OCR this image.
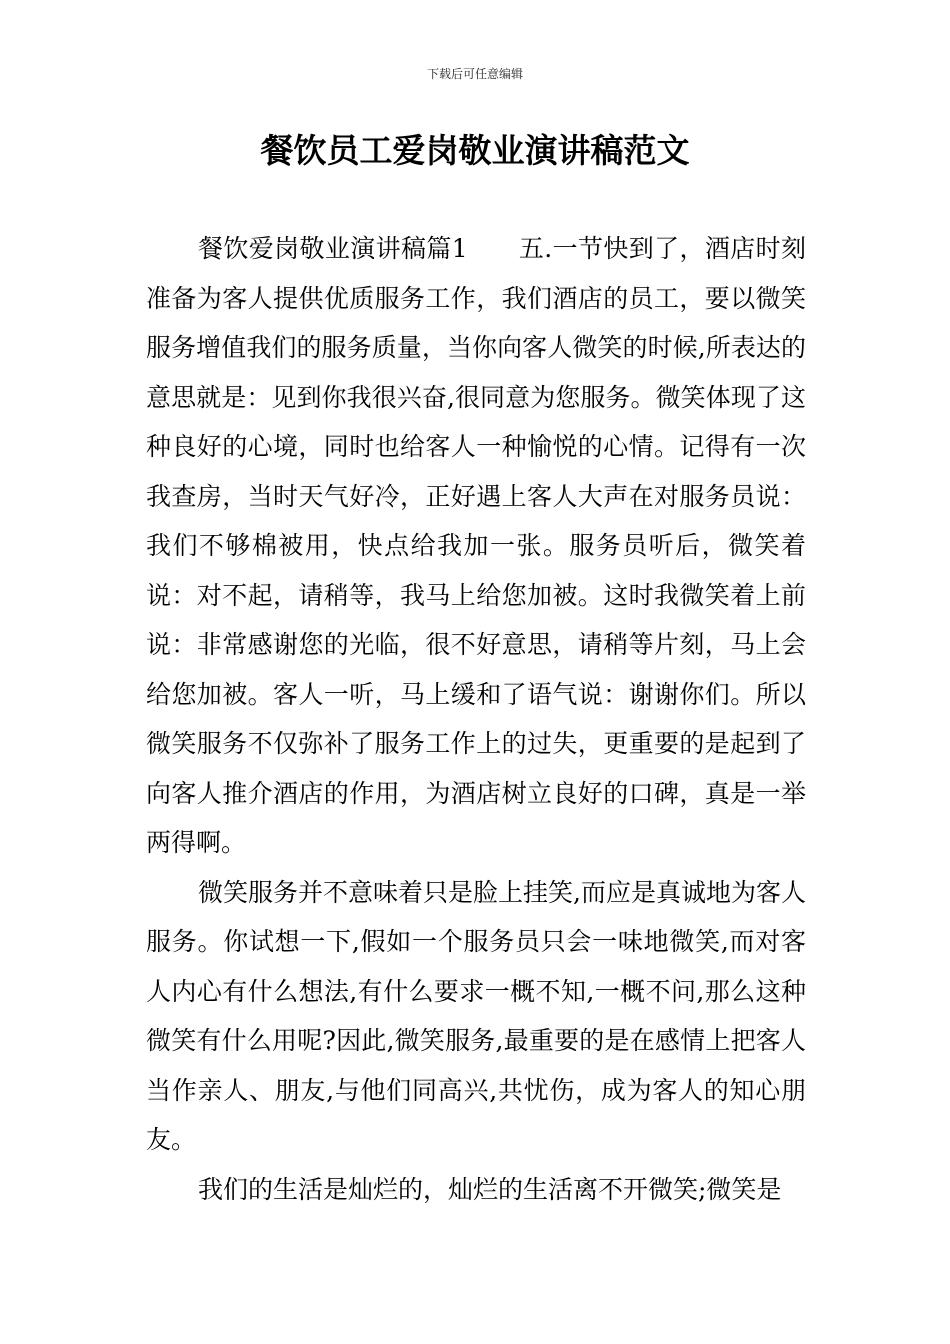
下载后可任意编辑
餐饮员工爱岗敬业演讲稿范文

餐饮爱岗敬业演讲稿篇1　　五.一节快到了，酒店时刻准备为客人提供优质服务工作，我们酒店的员工，要以微笑服务增值我们的服务质量，当你向客人微笑的时候,所表达的意思就是：见到你我很兴奋,很同意为您服务。微笑体现了这种良好的心境，同时也给客人一种愉悦的心情。记得有一次我查房，当时天气好冷，正好遇上客人大声在对服务员说：我们不够棉被用，快点给我加一张。服务员听后，微笑着说：对不起，请稍等，我马上给您加被。这时我微笑着上前说：非常感谢您的光临，很不好意思，请稍等片刻，马上会给您加被。客人一听，马上缓和了语气说：谢谢你们。所以微笑服务不仅弥补了服务工作上的过失，更重要的是起到了向客人推介酒店的作用，为酒店树立良好的口碑，真是一举两得啊。

微笑服务并不意味着只是脸上挂笑,而应是真诚地为客人服务。你试想一下,假如一个服务员只会一味地微笑,而对客人内心有什么想法,有什么要求一概不知,一概不问,那么这种微笑有什么用呢?因此,微笑服务,最重要的是在感情上把客人当作亲人、朋友,与他们同高兴,共忧伤，成为客人的知心朋友。

我们的生活是灿烂的，灿烂的生活离不开微笑;微笑是
